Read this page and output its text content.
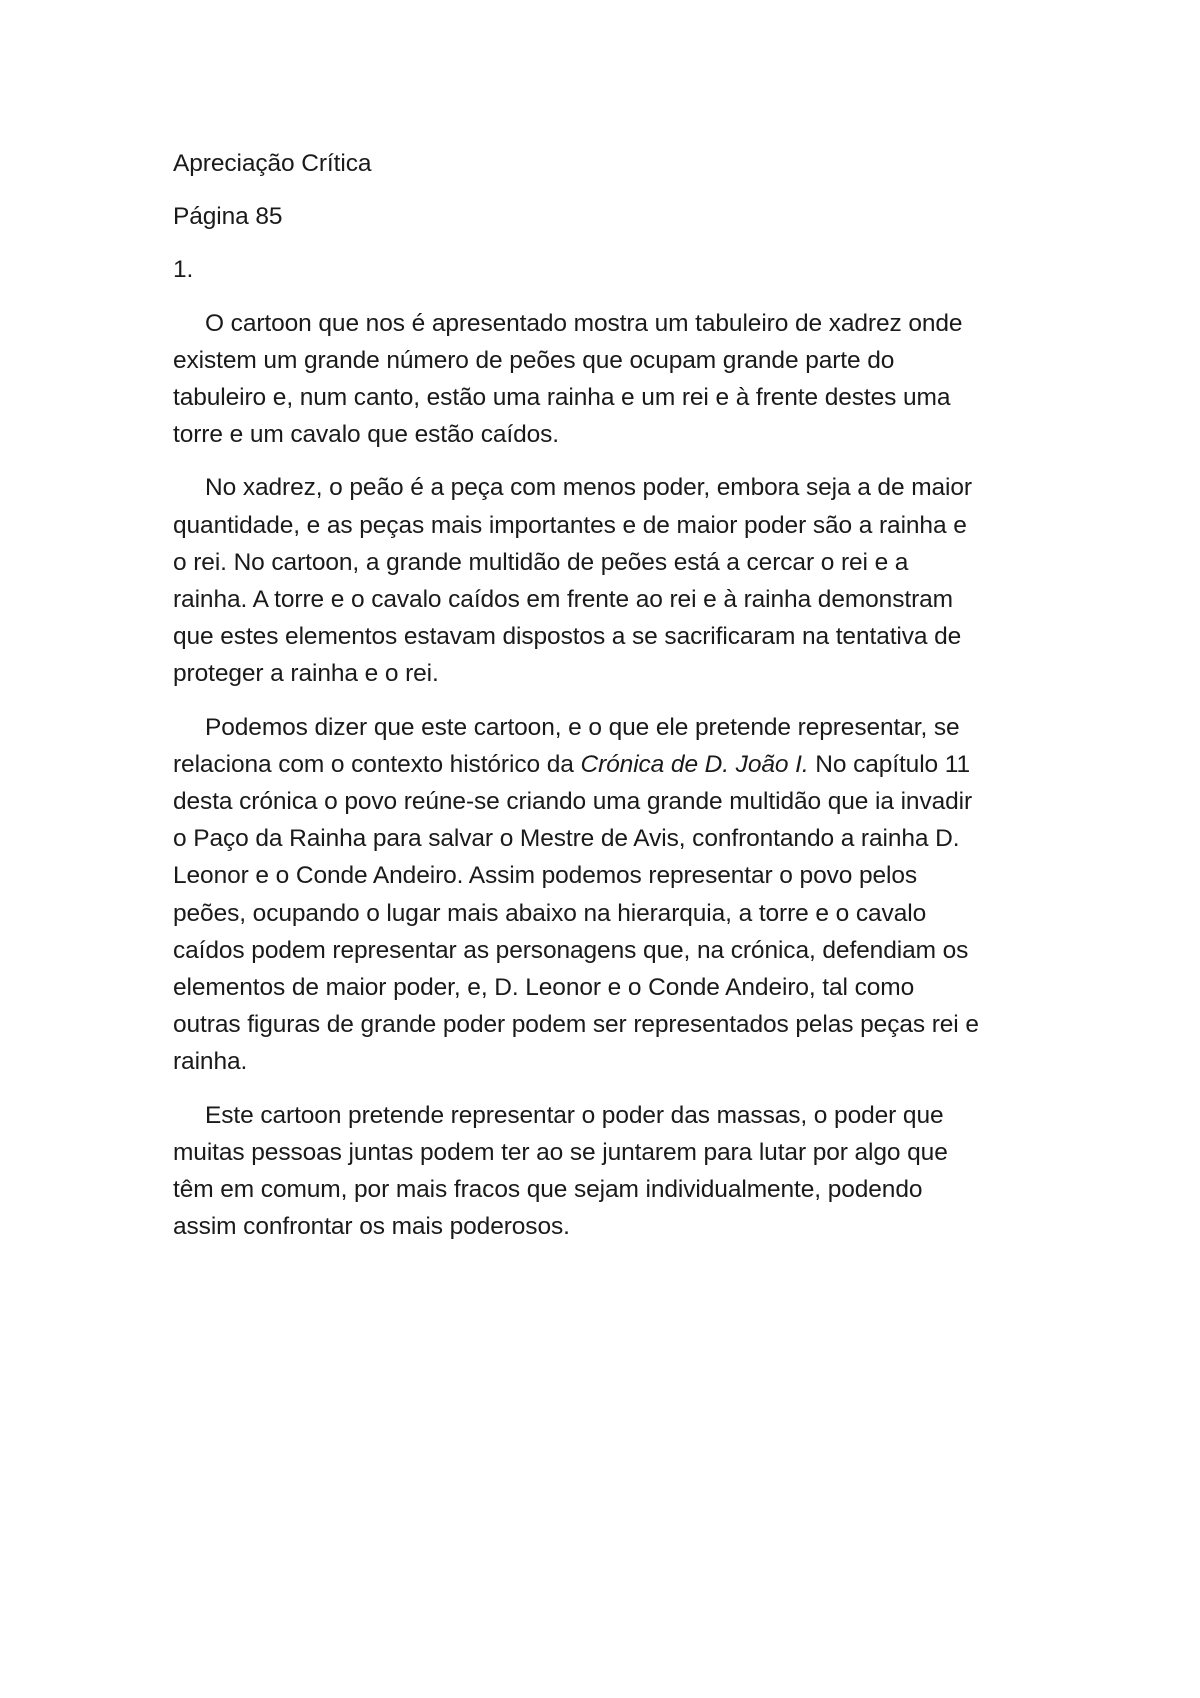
Apreciação Crítica
Página 85
1.
O cartoon que nos é apresentado mostra um tabuleiro de xadrez onde
existem um grande número de peões que ocupam grande parte do
tabuleiro e, num canto, estão uma rainha e um rei e à frente destes uma
torre e um cavalo que estão caídos.
No xadrez, o peão é a peça com menos poder, embora seja a de maior
quantidade, e as peças mais importantes e de maior poder são a rainha e
o rei. No cartoon, a grande multidão de peões está a cercar o rei e a
rainha. A torre e o cavalo caídos em frente ao rei e à rainha demonstram
que estes elementos estavam dispostos a se sacrificaram na tentativa de
proteger a rainha e o rei.
Podemos dizer que este cartoon, e o que ele pretende representar, se
relaciona com o contexto histórico da Crónica de D. João I. No capítulo 11
desta crónica o povo reúne-se criando uma grande multidão que ia invadir
o Paço da Rainha para salvar o Mestre de Avis, confrontando a rainha D.
Leonor e o Conde Andeiro. Assim podemos representar o povo pelos
peões, ocupando o lugar mais abaixo na hierarquia, a torre e o cavalo
caídos podem representar as personagens que, na crónica, defendiam os
elementos de maior poder, e, D. Leonor e o Conde Andeiro, tal como
outras figuras de grande poder podem ser representados pelas peças rei e
rainha.
Este cartoon pretende representar o poder das massas, o poder que
muitas pessoas juntas podem ter ao se juntarem para lutar por algo que
têm em comum, por mais fracos que sejam individualmente, podendo
assim confrontar os mais poderosos.
